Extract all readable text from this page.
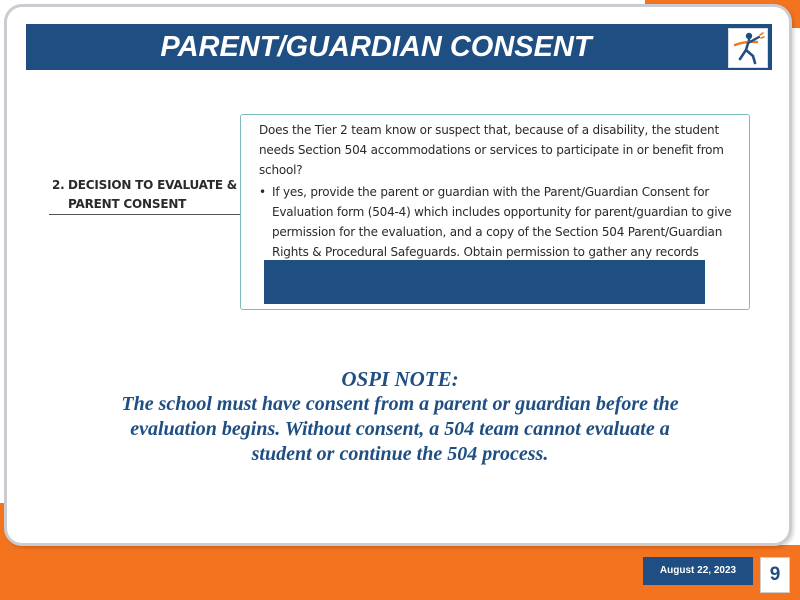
PARENT/GUARDIAN CONSENT
2. DECISION TO EVALUATE &
PARENT CONSENT
Does the Tier 2 team know or suspect that, because of a disability, the student needs Section 504 accommodations or services to participate in or benefit from school?
• If yes, provide the parent or guardian with the Parent/Guardian Consent for Evaluation form (504-4) which includes opportunity for parent/guardian to give permission for the evaluation, and a copy of the Section 504 Parent/Guardian Rights & Procedural Safeguards. Obtain permission to gather any records
OSPI NOTE:
The school must have consent from a parent or guardian before the evaluation begins. Without consent, a 504 team cannot evaluate a student or continue the 504 process.
August 22, 2023	9
